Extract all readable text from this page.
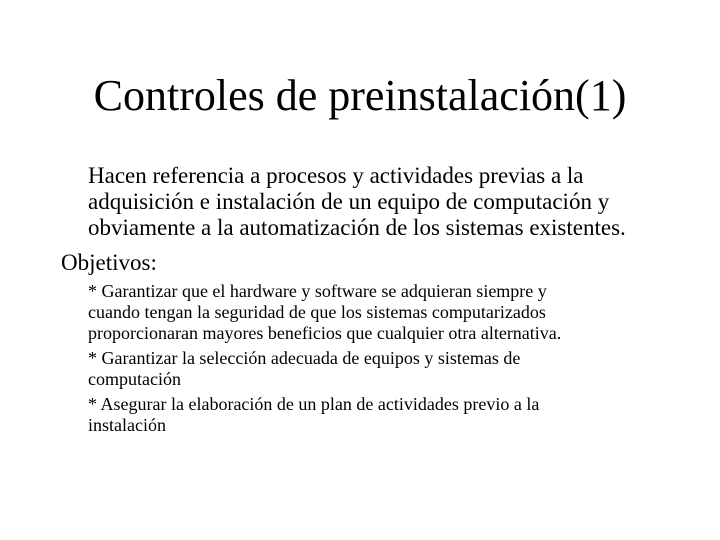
Controles de preinstalación(1)

Hacen referencia a procesos y actividades previas a la
adquisición e instalación de un equipo de computación y
obviamente a la automatización de los sistemas existentes.

Objetivos:

* Garantizar que el hardware y software se adquieran siempre y
cuando tengan la seguridad de que los sistemas computarizados
proporcionaran mayores beneficios que cualquier otra alternativa.
* Garantizar la selección adecuada de equipos y sistemas de
computación
* Asegurar la elaboración de un plan de actividades previo a la
instalación
